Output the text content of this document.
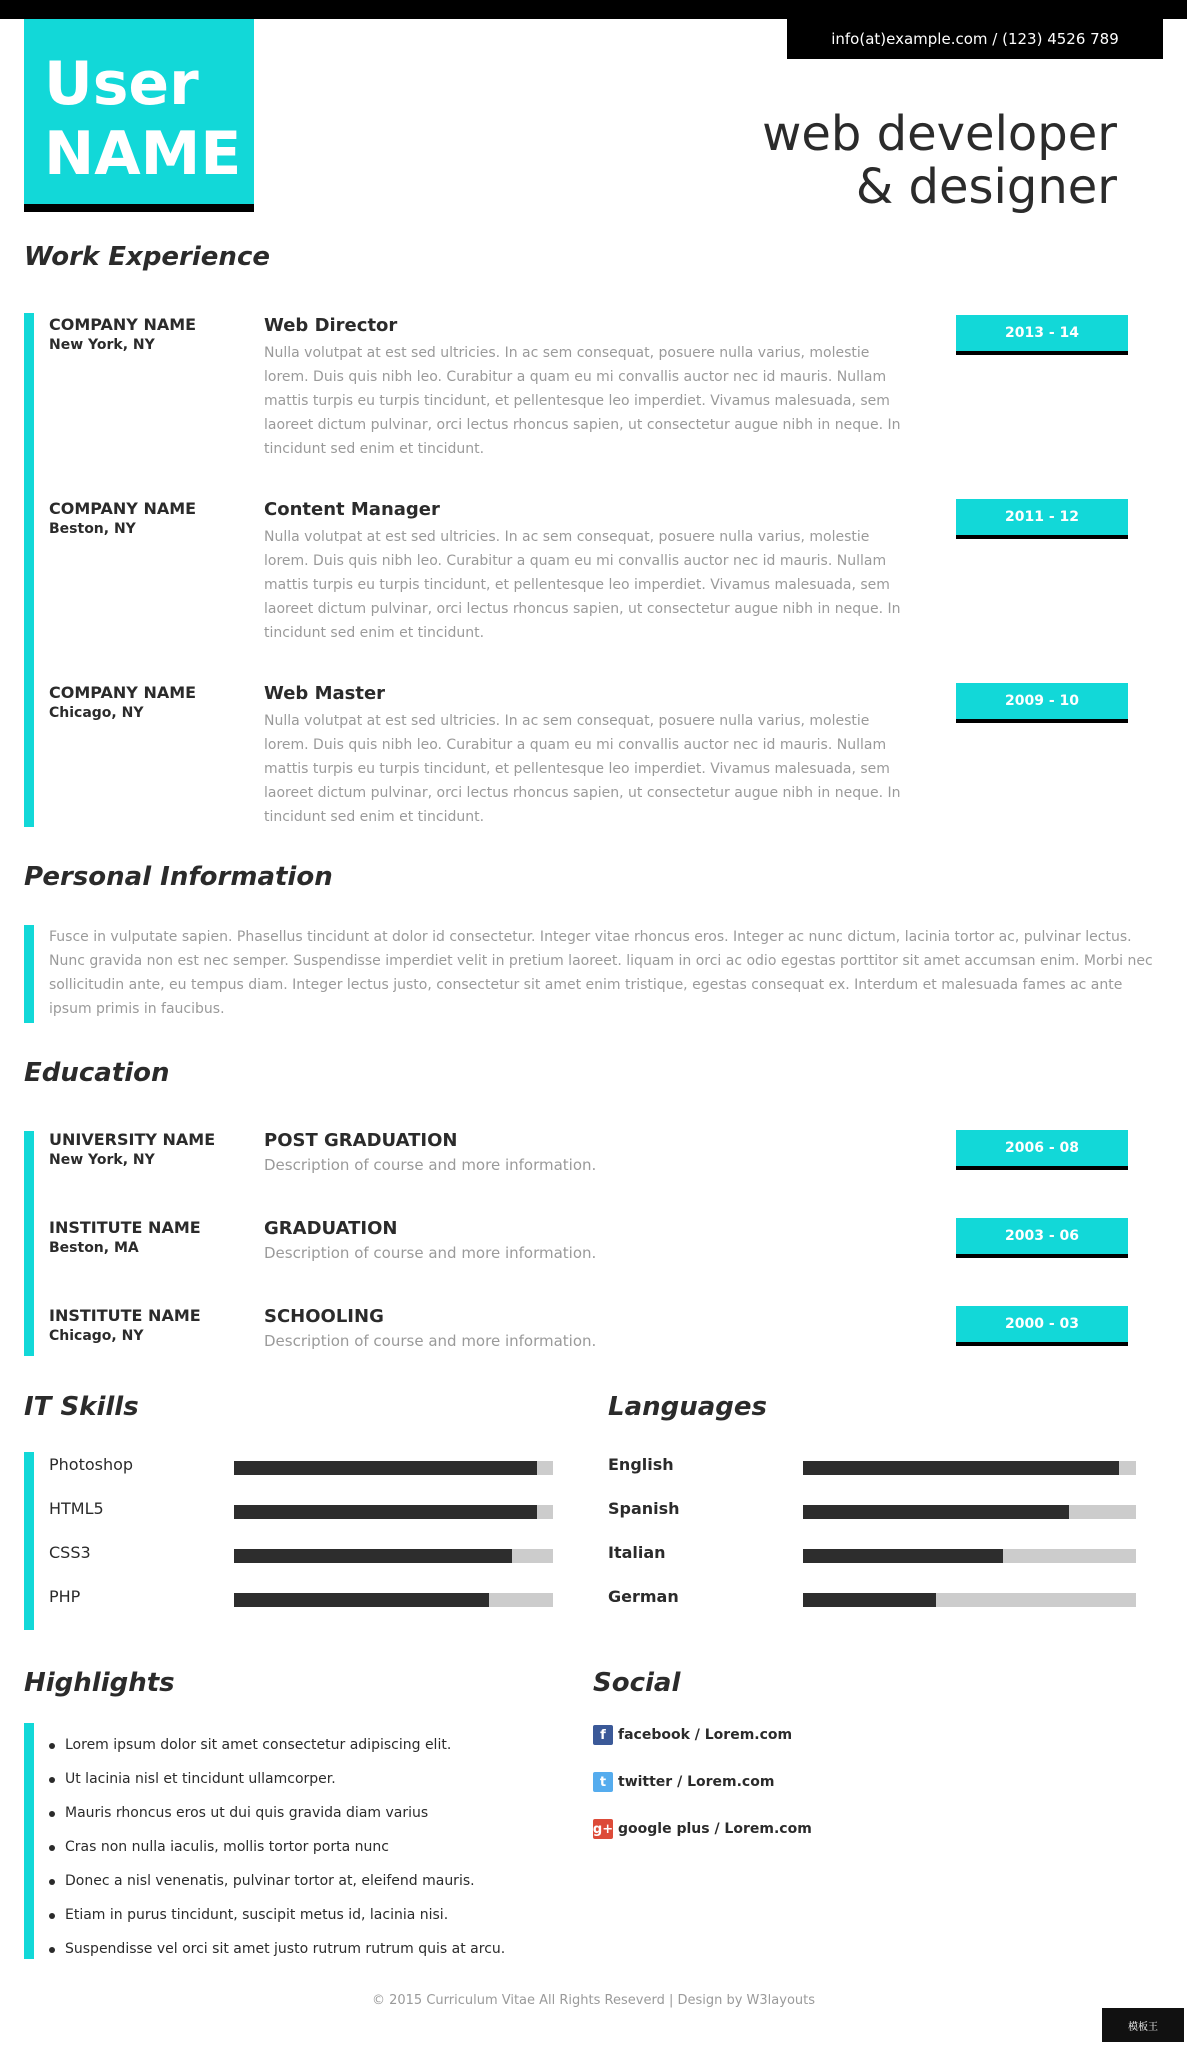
info(at)example.com / (123) 4526 789
User
NAME	web developer
& designer
Work Experience
COMPANY NAME
New York, NY
Web Director
Nulla volutpat at est sed ultricies. In ac sem consequat, posuere nulla varius, molestie lorem. Duis quis nibh leo. Curabitur a quam eu mi convallis auctor nec id mauris. Nullam mattis turpis eu turpis tincidunt, et pellentesque leo imperdiet. Vivamus malesuada, sem laoreet dictum pulvinar, orci lectus rhoncus sapien, ut consectetur augue nibh in neque. In tincidunt sed enim et tincidunt.
2013 - 14
COMPANY NAME
Beston, NY
Content Manager
Nulla volutpat at est sed ultricies. In ac sem consequat, posuere nulla varius, molestie lorem. Duis quis nibh leo. Curabitur a quam eu mi convallis auctor nec id mauris. Nullam mattis turpis eu turpis tincidunt, et pellentesque leo imperdiet. Vivamus malesuada, sem laoreet dictum pulvinar, orci lectus rhoncus sapien, ut consectetur augue nibh in neque. In tincidunt sed enim et tincidunt.
2011 - 12
COMPANY NAME
Chicago, NY
Web Master
Nulla volutpat at est sed ultricies. In ac sem consequat, posuere nulla varius, molestie lorem. Duis quis nibh leo. Curabitur a quam eu mi convallis auctor nec id mauris. Nullam mattis turpis eu turpis tincidunt, et pellentesque leo imperdiet. Vivamus malesuada, sem laoreet dictum pulvinar, orci lectus rhoncus sapien, ut consectetur augue nibh in neque. In tincidunt sed enim et tincidunt.
2009 - 10
Personal Information
Fusce in vulputate sapien. Phasellus tincidunt at dolor id consectetur. Integer vitae rhoncus eros. Integer ac nunc dictum, lacinia tortor ac, pulvinar lectus. Nunc gravida non est nec semper. Suspendisse imperdiet velit in pretium laoreet. liquam in orci ac odio egestas porttitor sit amet accumsan enim. Morbi nec sollicitudin ante, eu tempus diam. Integer lectus justo, consectetur sit amet enim tristique, egestas consequat ex. Interdum et malesuada fames ac ante ipsum primis in faucibus.
Education
UNIVERSITY NAME
New York, NY
POST GRADUATION
Description of course and more information.
2006 - 08
INSTITUTE NAME
Beston, MA
GRADUATION
Description of course and more information.
2003 - 06
INSTITUTE NAME
Chicago, NY
SCHOOLING
Description of course and more information.
2000 - 03
IT Skills
Photoshop
HTML5
CSS3
PHP
Languages
English
Spanish
Italian
German
Highlights
Lorem ipsum dolor sit amet consectetur adipiscing elit.
Ut lacinia nisl et tincidunt ullamcorper.
Mauris rhoncus eros ut dui quis gravida diam varius
Cras non nulla iaculis, mollis tortor porta nunc
Donec a nisl venenatis, pulvinar tortor at, eleifend mauris.
Etiam in purus tincidunt, suscipit metus id, lacinia nisi.
Suspendisse vel orci sit amet justo rutrum rutrum quis at arcu.
Social
f facebook / Lorem.com
t twitter / Lorem.com
g+ google plus / Lorem.com
© 2015 Curriculum Vitae All Rights Reseverd | Design by W3layouts
模板王
